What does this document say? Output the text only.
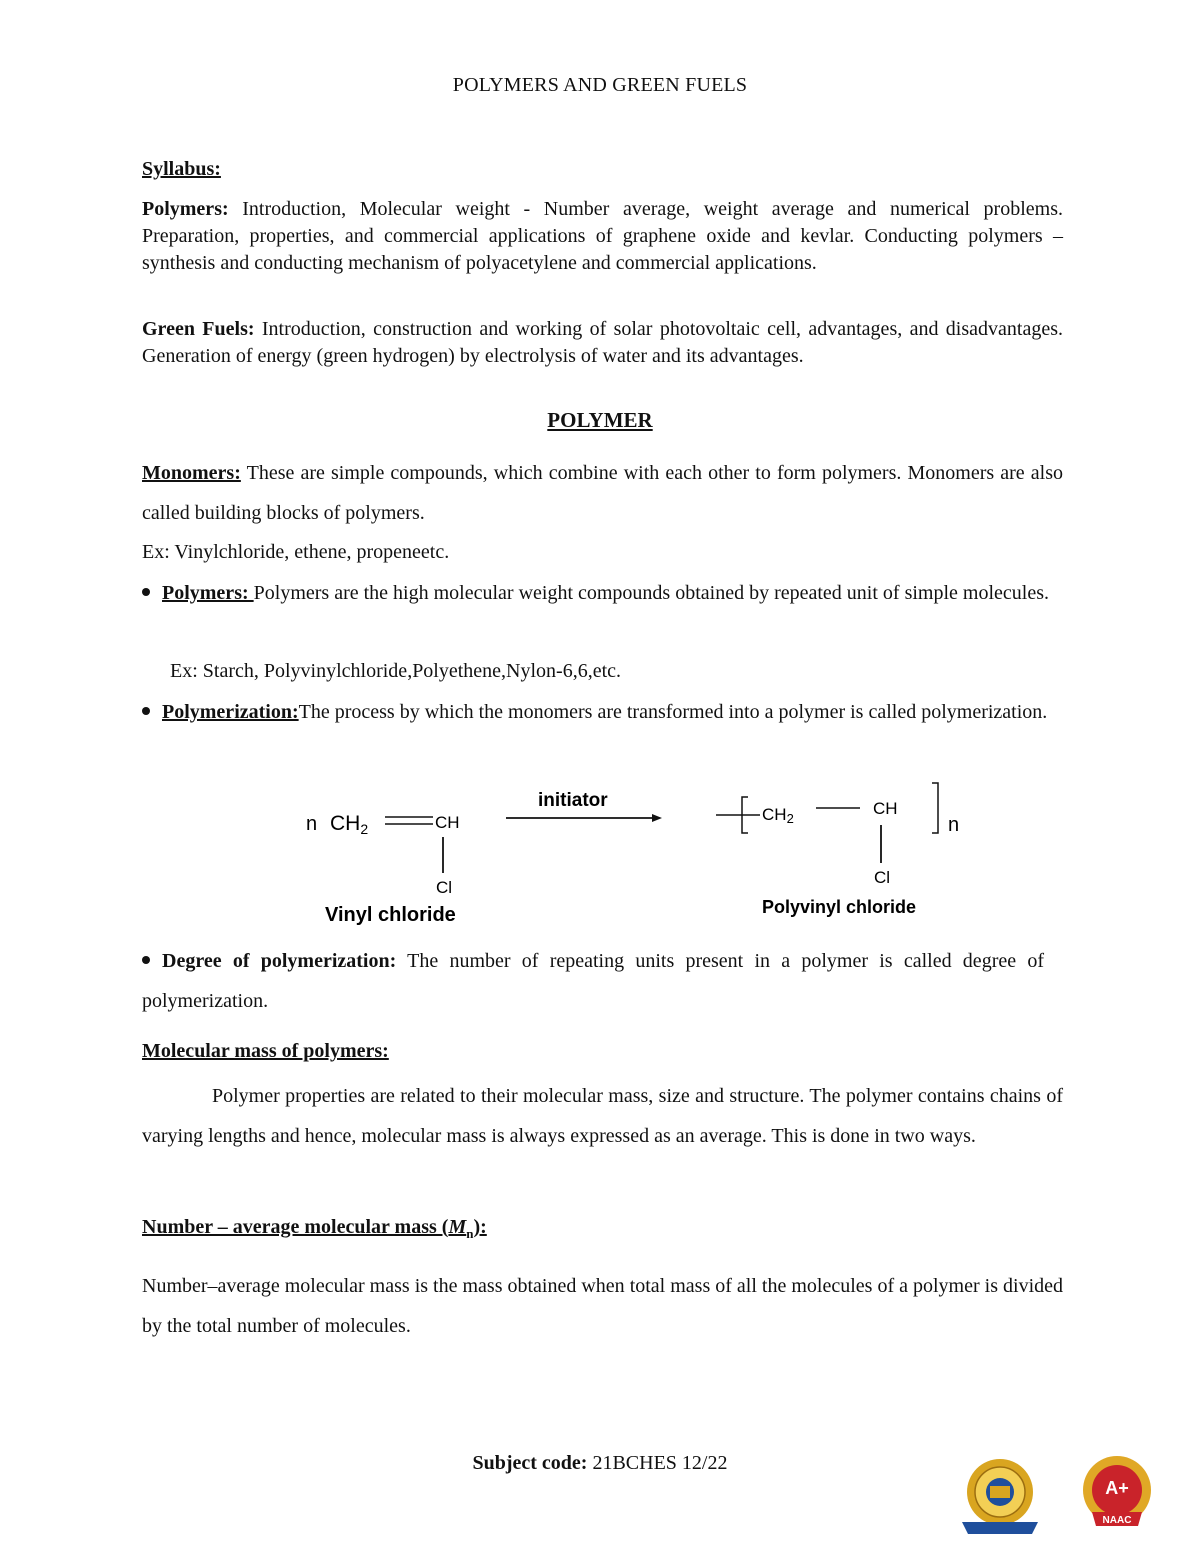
POLYMERS AND GREEN FUELS
Syllabus:
Polymers: Introduction, Molecular weight - Number average, weight average and numerical problems. Preparation, properties, and commercial applications of graphene oxide and kevlar. Conducting polymers – synthesis and conducting mechanism of polyacetylene and commercial applications.
Green Fuels: Introduction, construction and working of solar photovoltaic cell, advantages, and disadvantages. Generation of energy (green hydrogen) by electrolysis of water and its advantages.
POLYMER
Monomers: These are simple compounds, which combine with each other to form polymers. Monomers are also called building blocks of polymers.
Ex: Vinylchloride, ethene, propeneetc.
Polymers: Polymers are the high molecular weight compounds obtained by repeated unit of simple molecules.
Ex: Starch, Polyvinylchloride,Polyethene,Nylon-6,6,etc.
Polymerization:The process by which the monomers are transformed into a polymer is called polymerization.
n CH2	CH
Cl
initiator
CH2
CH
Cl
n
Vinyl chloride	Polyvinyl chloride
Degree of polymerization: The number of repeating units present in a polymer is called degree of polymerization.
Molecular mass of polymers:
Polymer properties are related to their molecular mass, size and structure. The polymer contains chains of varying lengths and hence, molecular mass is always expressed as an average. This is done in two ways.
Number – average molecular mass $(M_n)$:
Number–average molecular mass is the mass obtained when total mass of all the molecules of a polymer is divided by the total number of molecules.
Subject code: 21BCHES 12/22
A+
NAAC
